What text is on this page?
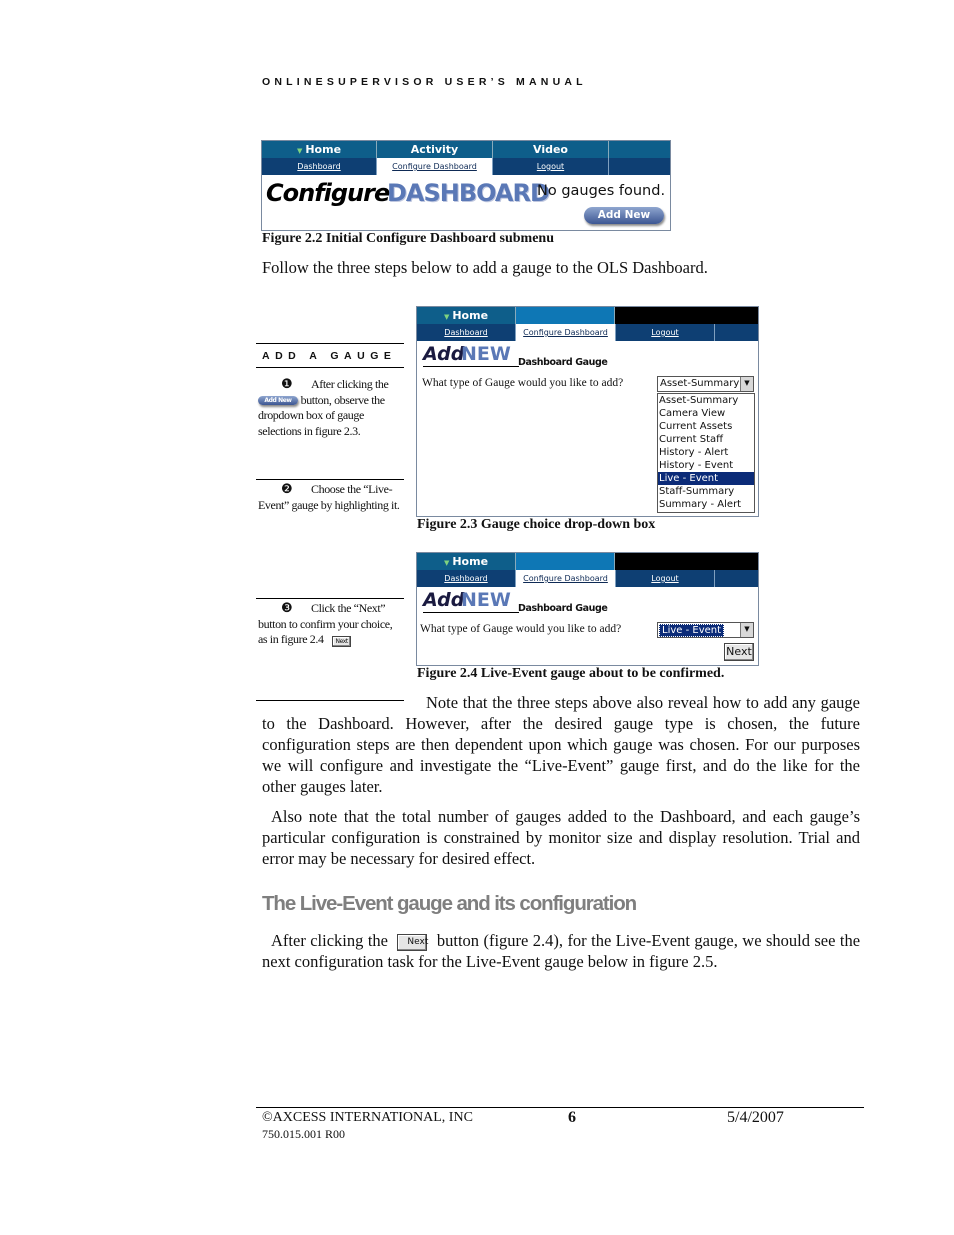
ONLINESUPERVISOR USER’S MANUAL
▼ Home	Activity	Video
Dashboard	Configure Dashboard	Logout
Configure
DASHBOARD
No gauges found.
Add New
Figure 2.2 Initial Configure Dashboard submenu
Follow the three steps below to add a gauge to the OLS Dashboard.
ADD A GAUGE
❶ After clicking the Add New button, observe the dropdown box of gauge selections in figure 2.3.
❷ Choose the “Live-Event” gauge by highlighting it.
❸ Click the “Next” button to confirm your choice, as in figure 2.4 Next
▼ Home
Dashboard	Configure Dashboard	Logout
Add
NEW Dashboard Gauge
What type of Gauge would you like to add?	Asset-Summary ▼
Asset-Summary
Camera View
Current Assets
Current Staff
History - Alert
History - Event
Live - Event
Staff-Summary
Summary - Alert
Figure 2.3 Gauge choice drop-down box
▼ Home
Dashboard	Configure Dashboard	Logout
Add
NEW Dashboard Gauge
What type of Gauge would you like to add?	Live - Event	▼
Next
Figure 2.4 Live-Event gauge about to be confirmed.
Note that the three steps above also reveal how to add any gauge to the Dashboard. However, after the desired gauge type is chosen, the future configuration steps are then dependent upon which gauge was chosen. For our purposes we will configure and investigate the “Live-Event” gauge first, and do the like for the other gauges later.
Also note that the total number of gauges added to the Dashboard, and each gauge’s particular configuration is constrained by monitor size and display resolution. Trial and error may be necessary for desired effect.
The Live-Event gauge and its configuration
After clicking the Next button (figure 2.4), for the Live-Event gauge, we should see the next configuration task for the Live-Event gauge below in figure 2.5.
©AXCESS INTERNATIONAL, INC
750.015.001 R00
6	5/4/2007
